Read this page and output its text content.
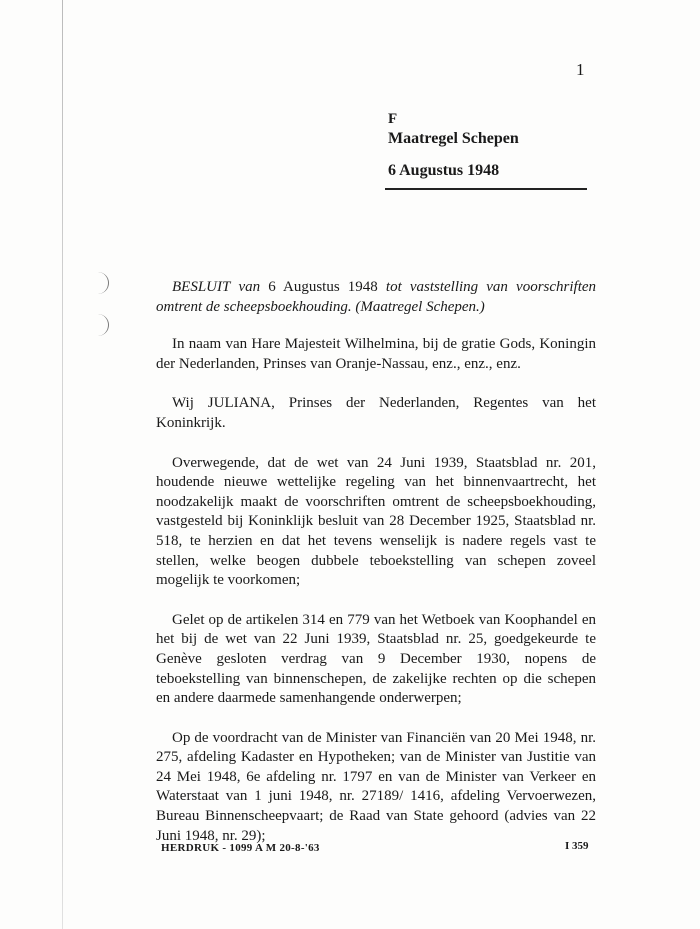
1
F
Maatregel Schepen
6 Augustus 1948

BESLUIT van 6 Augustus 1948 tot vaststelling van voorschriften omtrent de scheepsboekhouding. (Maatregel Schepen.)

In naam van Hare Majesteit Wilhelmina, bij de gratie Gods, Koningin der Nederlanden, Prinses van Oranje-Nassau, enz., enz., enz.

Wij JULIANA, Prinses der Nederlanden, Regentes van het Koninkrijk.

Overwegende, dat de wet van 24 Juni 1939, Staatsblad nr. 201, houdende nieuwe wettelijke regeling van het binnenvaartrecht, het noodzakelijk maakt de voorschriften omtrent de scheepsboekhouding, vastgesteld bij Koninklijk besluit van 28 December 1925, Staatsblad nr. 518, te herzien en dat het tevens wenselijk is nadere regels vast te stellen, welke beogen dubbele teboekstelling van schepen zoveel mogelijk te voorkomen;

Gelet op de artikelen 314 en 779 van het Wetboek van Koophandel en het bij de wet van 22 Juni 1939, Staatsblad nr. 25, goedgekeurde te Genève gesloten verdrag van 9 December 1930, nopens de teboekstelling van binnenschepen, de zakelijke rechten op die schepen en andere daarmede samenhangende onderwerpen;

Op de voordracht van de Minister van Financiën van 20 Mei 1948, nr. 275, afdeling Kadaster en Hypotheken; van de Minister van Justitie van 24 Mei 1948, 6e afdeling nr. 1797 en van de Minister van Verkeer en Waterstaat van 1 juni 1948, nr. 27189/ 1416, afdeling Vervoerwezen, Bureau Binnenscheepvaart; de Raad van State gehoord (advies van 22 Juni 1948, nr. 29);

HERDRUK - 1099 A M 20-8-'63	I 359
